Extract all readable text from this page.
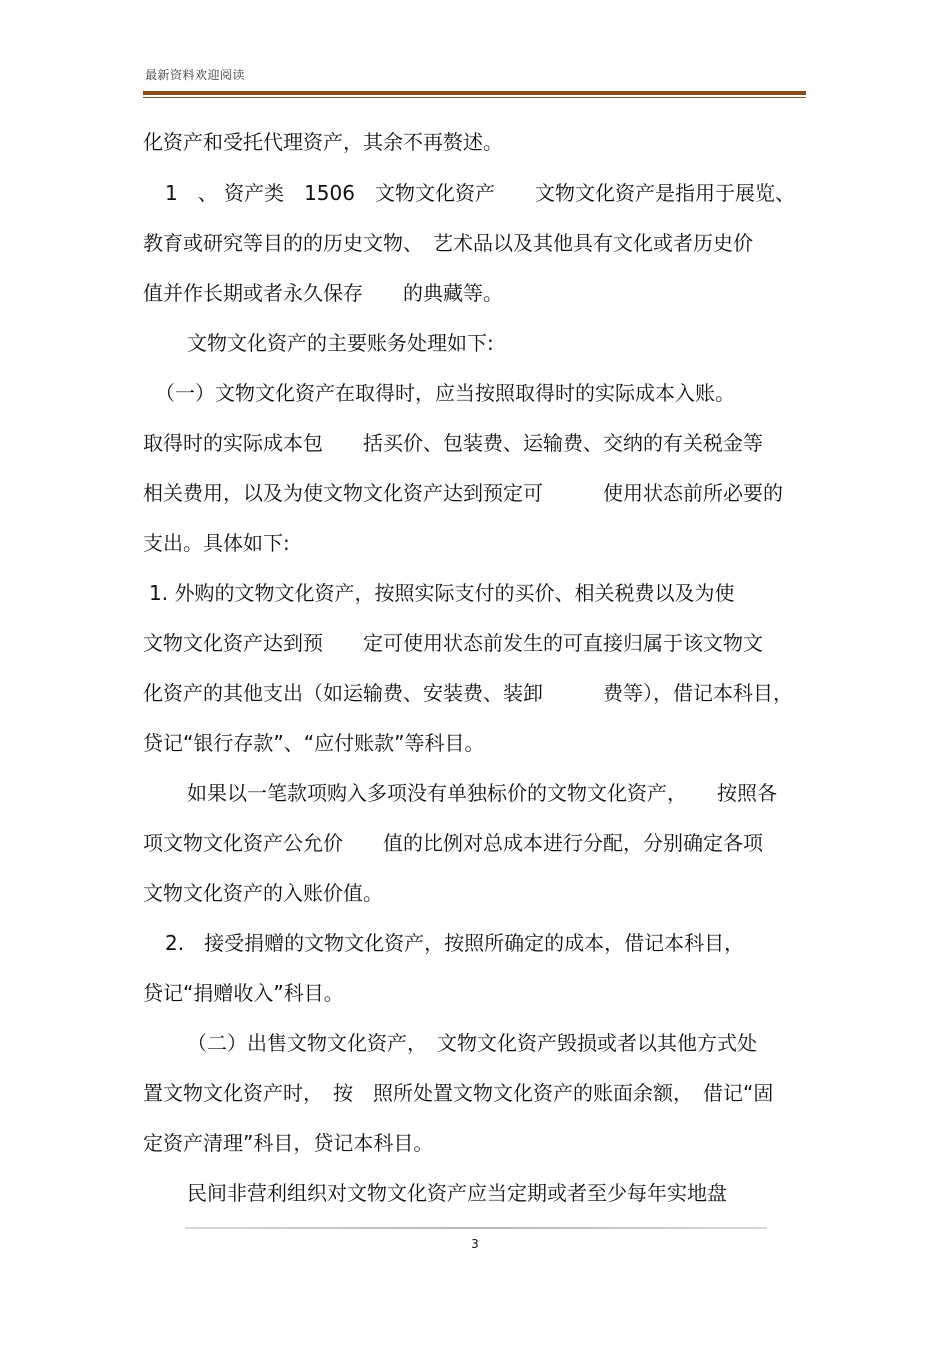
最新资料欢迎阅读
化资产和受托代理资产，其余不再赘述。
1　、 资产类　1506　文物文化资产　　文物文化资产是指用于展览、
教育或研究等目的的历史文物、　艺术品以及其他具有文化或者历史价
值并作长期或者永久保存　　的典藏等。
文物文化资产的主要账务处理如下:
（一）文物文化资产在取得时，应当按照取得时的实际成本入账。
取得时的实际成本包　　括买价、包装费、运输费、交纳的有关税金等
相关费用，以及为使文物文化资产达到预定可　　　使用状态前所必要的
支出。具体如下:
1. 外购的文物文化资产，按照实际支付的买价、相关税费以及为使
文物文化资产达到预　　定可使用状态前发生的可直接归属于该文物文
化资产的其他支出（如运输费、安装费、装卸　　　费等），借记本科目，
贷记“银行存款”、“应付账款”等科目。
如果以一笔款项购入多项没有单独标价的文物文化资产，　　按照各
项文物文化资产公允价　　值的比例对总成本进行分配，分别确定各项
文物文化资产的入账价值。
2.　接受捐赠的文物文化资产，按照所确定的成本，借记本科目，
贷记“捐赠收入”科目。
（二）出售文物文化资产，　文物文化资产毁损或者以其他方式处
置文物文化资产时，　按　照所处置文物文化资产的账面余额，　借记“固
定资产清理”科目，贷记本科目。
民间非营利组织对文物文化资产应当定期或者至少每年实地盘
3
